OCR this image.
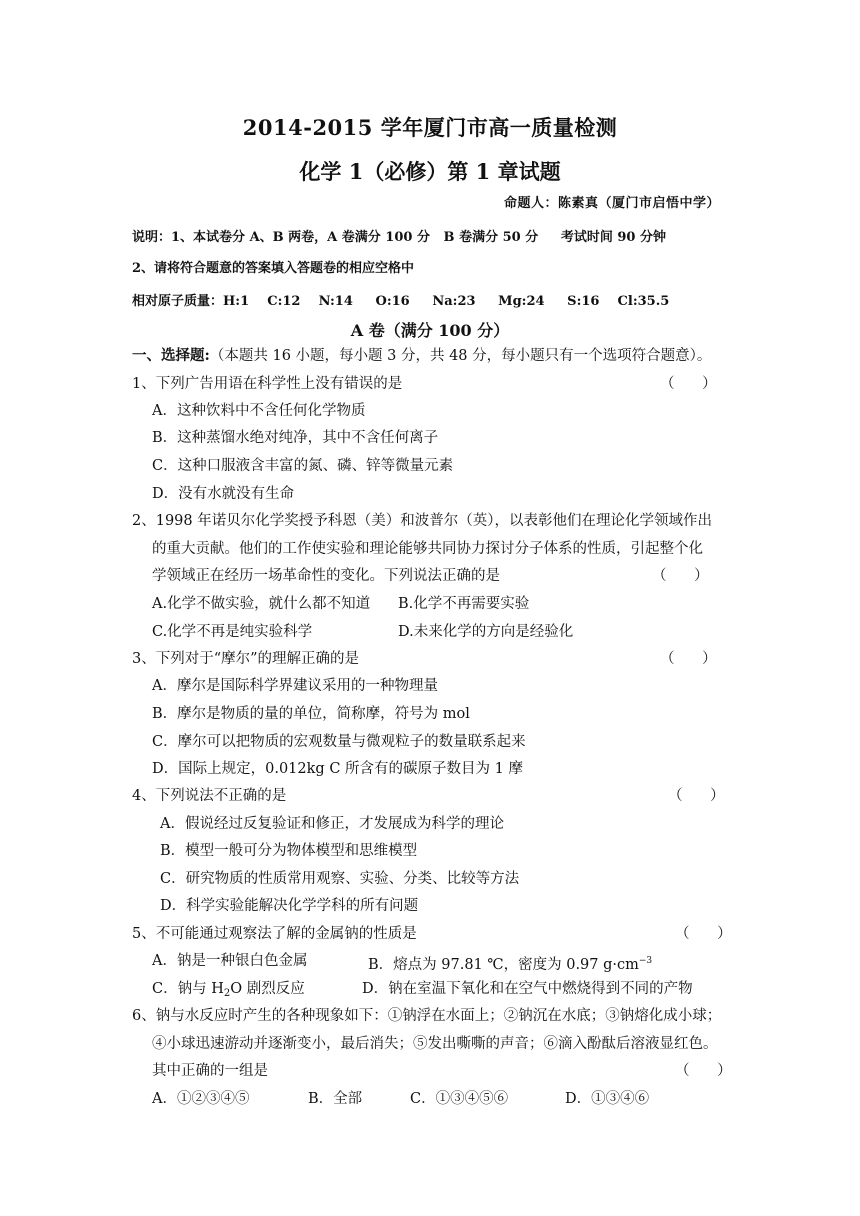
2014-2015 学年厦门市高一质量检测
化学 1（必修）第 1 章试题
命题人：陈素真（厦门市启悟中学）
说明：1、本试卷分 A、B 两卷，A 卷满分 100 分   B 卷满分 50 分     考试时间 90 分钟
2、请将符合题意的答案填入答题卷的相应空格中
相对原子质量：H:1    C:12    N:14     O:16     Na:23     Mg:24     S:16    Cl:35.5
A 卷（满分 100 分）
一、选择题:（本题共 16 小题，每小题 3 分，共 48 分，每小题只有一个选项符合题意）。
1、下列广告用语在科学性上没有错误的是	（      ）
A．这种饮料中不含任何化学物质
B．这种蒸馏水绝对纯净，其中不含任何离子
C．这种口服液含丰富的氮、磷、锌等微量元素
D．没有水就没有生命
2、1998 年诺贝尔化学奖授予科恩（美）和波普尔（英），以表彰他们在理论化学领域作出
的重大贡献。他们的工作使实验和理论能够共同协力探讨分子体系的性质，引起整个化
学领域正在经历一场革命性的变化。下列说法正确的是	（      ）
A.化学不做实验，就什么都不知道 B.化学不再需要实验
C.化学不再是纯实验科学	D.未来化学的方向是经验化
3、下列对于“摩尔”的理解正确的是	（      ）
A．摩尔是国际科学界建议采用的一种物理量
B．摩尔是物质的量的单位，简称摩，符号为 mol
C．摩尔可以把物质的宏观数量与微观粒子的数量联系起来
D．国际上规定，0.012kg C 所含有的碳原子数目为 1 摩
4、下列说法不正确的是	（      ）
A．假说经过反复验证和修正，才发展成为科学的理论
B．模型一般可分为物体模型和思维模型
C．研究物质的性质常用观察、实验、分类、比较等方法
D．科学实验能解决化学学科的所有问题
5、不可能通过观察法了解的金属钠的性质是	（      ）
A．钠是一种银白色金属	B．熔点为 97.81 ℃，密度为 0.97 $g\cdot cm^{-3}$
C．钠与 $H_2O$ 剧烈反应	D．钠在室温下氧化和在空气中燃烧得到不同的产物
6、钠与水反应时产生的各种现象如下：①钠浮在水面上；②钠沉在水底；③钠熔化成小球；
④小球迅速游动并逐渐变小，最后消失；⑤发出嘶嘶的声音；⑥滴入酚酞后溶液显红色。
其中正确的一组是	（      ）
A．①②③④⑤	B．全部	C．①③④⑤⑥	D．①③④⑥
